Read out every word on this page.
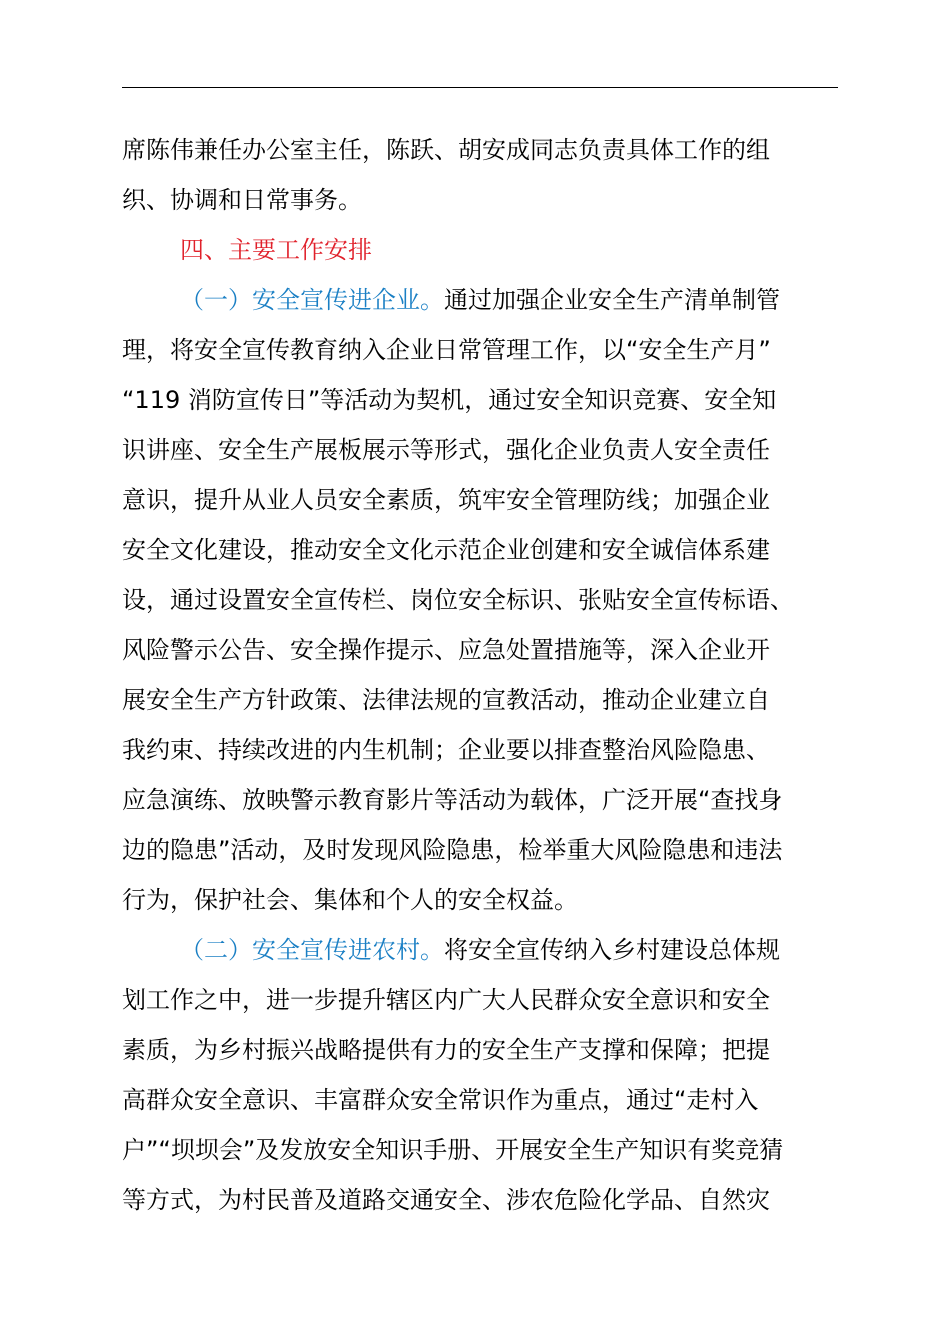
席陈伟兼任办公室主任，陈跃、胡安成同志负责具体工作的组
织、协调和日常事务。
四、主要工作安排
（一）安全宣传进企业。通过加强企业安全生产清单制管
理，将安全宣传教育纳入企业日常管理工作，以“安全生产月”
“119 消防宣传日”等活动为契机，通过安全知识竞赛、安全知
识讲座、安全生产展板展示等形式，强化企业负责人安全责任
意识，提升从业人员安全素质，筑牢安全管理防线；加强企业
安全文化建设，推动安全文化示范企业创建和安全诚信体系建
设，通过设置安全宣传栏、岗位安全标识、张贴安全宣传标语、
风险警示公告、安全操作提示、应急处置措施等，深入企业开
展安全生产方针政策、法律法规的宣教活动，推动企业建立自
我约束、持续改进的内生机制；企业要以排查整治风险隐患、
应急演练、放映警示教育影片等活动为载体，广泛开展“查找身
边的隐患”活动，及时发现风险隐患，检举重大风险隐患和违法
行为，保护社会、集体和个人的安全权益。
（二）安全宣传进农村。将安全宣传纳入乡村建设总体规
划工作之中，进一步提升辖区内广大人民群众安全意识和安全
素质，为乡村振兴战略提供有力的安全生产支撑和保障；把提
高群众安全意识、丰富群众安全常识作为重点，通过“走村入
户”“坝坝会”及发放安全知识手册、开展安全生产知识有奖竞猜
等方式，为村民普及道路交通安全、涉农危险化学品、自然灾
